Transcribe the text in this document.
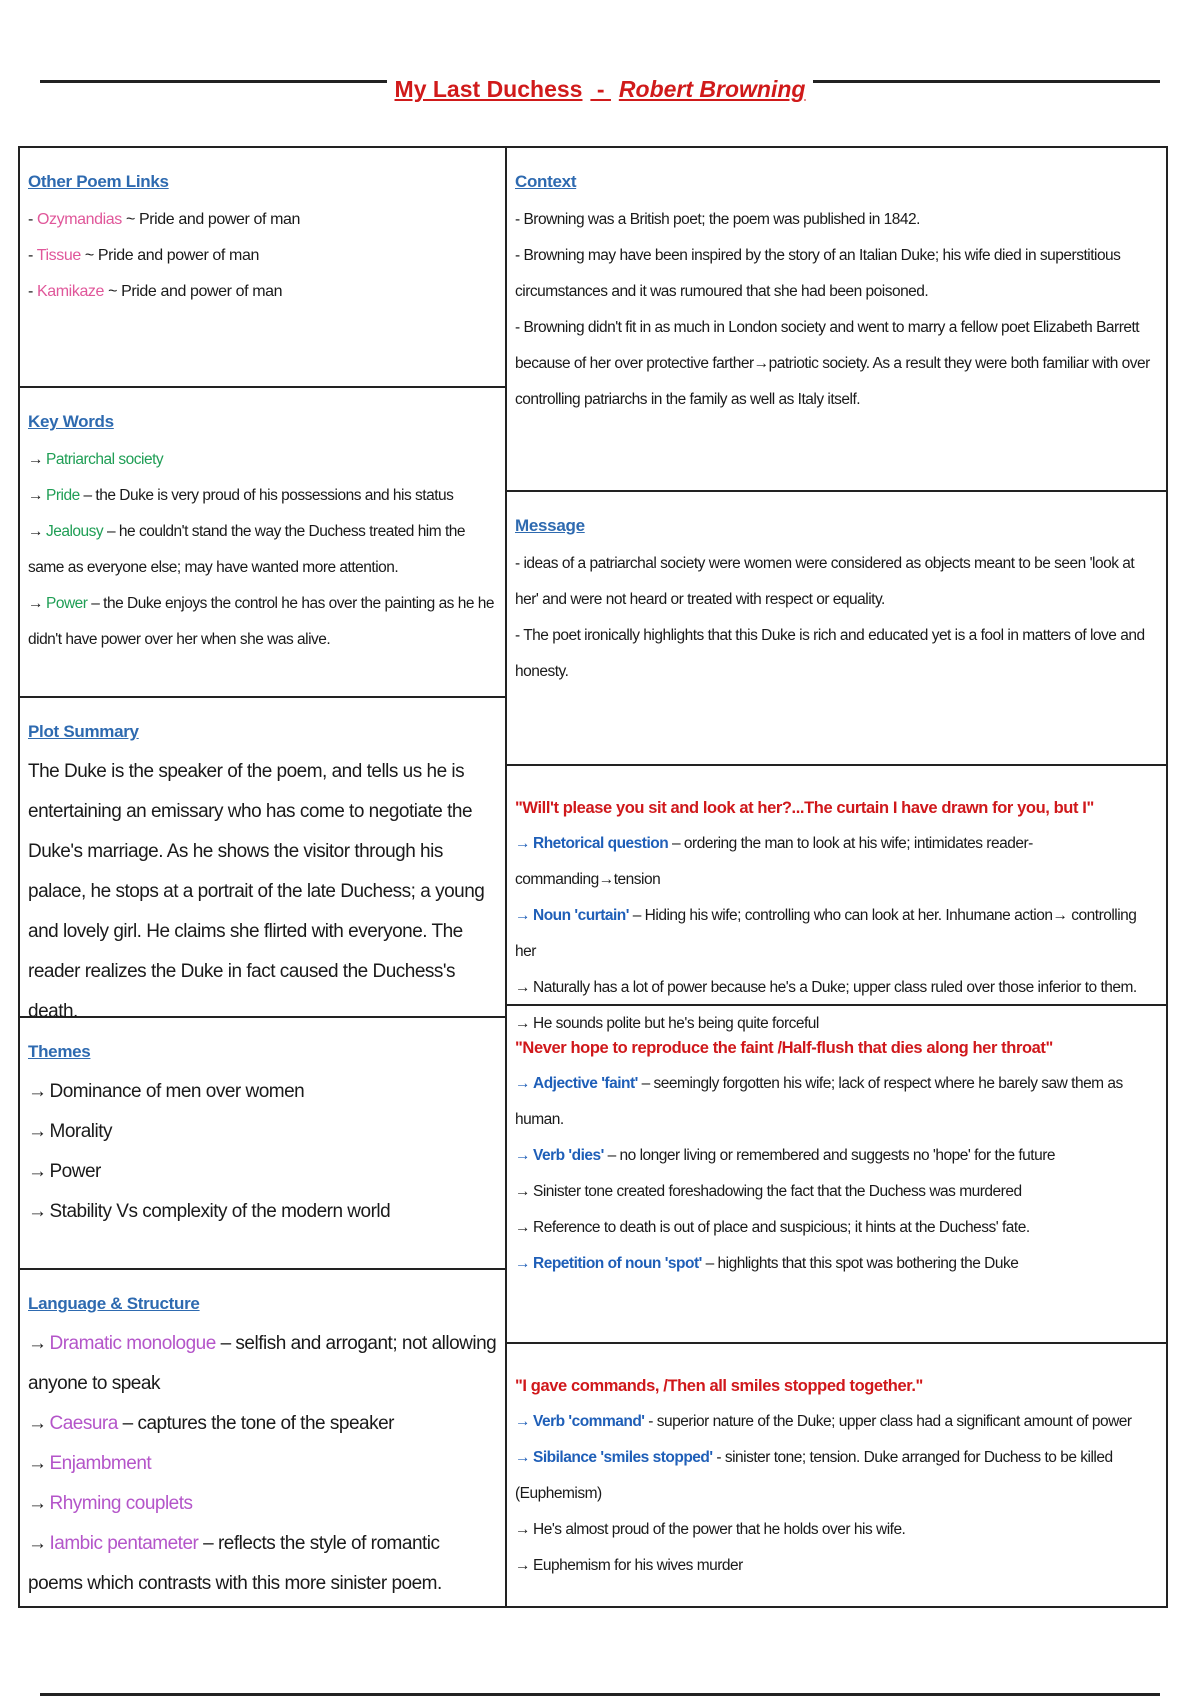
My Last Duchess - Robert Browning
Other Poem Links
- Ozymandias ~ Pride and power of man
- Tissue ~ Pride and power of man
- Kamikaze ~ Pride and power of man
Key Words
→ Patriarchal society
→ Pride – the Duke is very proud of his possessions and his status
→ Jealousy – he couldn't stand the way the Duchess treated him the same as everyone else; may have wanted more attention.
→ Power – the Duke enjoys the control he has over the painting as he he didn't have power over her when she was alive.
Plot Summary
The Duke is the speaker of the poem, and tells us he is entertaining an emissary who has come to negotiate the Duke's marriage. As he shows the visitor through his palace, he stops at a portrait of the late Duchess; a young and lovely girl. He claims she flirted with everyone. The reader realizes the Duke in fact caused the Duchess's death.
Themes
→ Dominance of men over women
→ Morality
→ Power
→ Stability Vs complexity of the modern world
Language & Structure
→ Dramatic monologue – selfish and arrogant; not allowing anyone to speak
→ Caesura – captures the tone of the speaker
→ Enjambment
→ Rhyming couplets
→ Iambic pentameter – reflects the style of romantic poems which contrasts with this more sinister poem.
Context
- Browning was a British poet; the poem was published in 1842.
- Browning may have been inspired by the story of an Italian Duke; his wife died in superstitious circumstances and it was rumoured that she had been poisoned.
- Browning didn't fit in as much in London society and went to marry a fellow poet Elizabeth Barrett because of her over protective farther→patriotic society. As a result they were both familiar with over controlling patriarchs in the family as well as Italy itself.
Message
- ideas of a patriarchal society were women were considered as objects meant to be seen 'look at her' and were not heard or treated with respect or equality.
- The poet ironically highlights that this Duke is rich and educated yet is a fool in matters of love and honesty.
"Will't please you sit and look at her?...The curtain I have drawn for you, but I"
→ Rhetorical question – ordering the man to look at his wife; intimidates reader- commanding→tension
→ Noun 'curtain' – Hiding his wife; controlling who can look at her. Inhumane action→ controlling her
→ Naturally has a lot of power because he's a Duke; upper class ruled over those inferior to them.
→ He sounds polite but he's being quite forceful
"Never hope to reproduce the faint /Half-flush that dies along her throat"
→ Adjective 'faint' – seemingly forgotten his wife; lack of respect where he barely saw them as human.
→ Verb 'dies' – no longer living or remembered and suggests no 'hope' for the future
→ Sinister tone created foreshadowing the fact that the Duchess was murdered
→ Reference to death is out of place and suspicious; it hints at the Duchess' fate.
→ Repetition of noun 'spot' – highlights that this spot was bothering the Duke
"I gave commands, /Then all smiles stopped together."
→ Verb 'command' - superior nature of the Duke; upper class had a significant amount of power
→ Sibilance 'smiles stopped' - sinister tone; tension. Duke arranged for Duchess to be killed (Euphemism)
→ He's almost proud of the power that he holds over his wife.
→ Euphemism for his wives murder
